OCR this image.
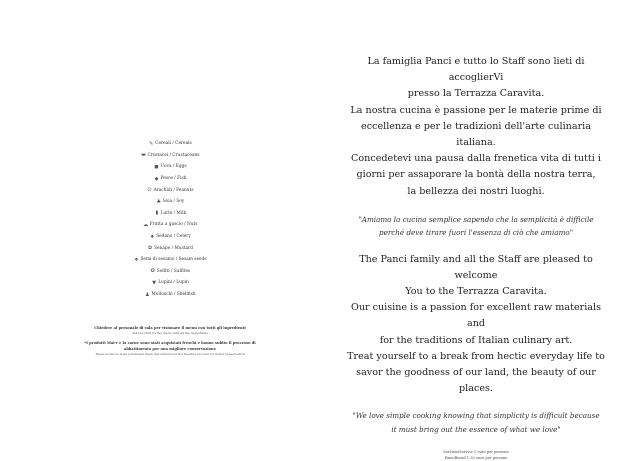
✎ Cereali / Cereals
▬ Crostacei / Crustaceans
● Uova / Eggs
◆ Pesce / Fish
∅ Arachidi / Peanuts
♣ Soia / Soy
▮ Latte / Milk
☁ Frutta a guscio / Nuts
♦ Sedano / Celery
✿ Senape / Mustard
❖ Semi di sesamo / Sesam seeds
✪ Solfiti / Sulfites
▼ Lupini / Lupin
♟ Molluschi / Shellfish
Chiedere al personale di sala per visionare il menu con tutti gli ingredienti
Ask the staff for the menu with all the ingredients
*I prodotti Mai-r e la carne sono stati acquistati freschi e hanno subito il processo di abbattimento per una migliore conservazione
These products were purchased fresh and underwent the freezing process for better preservation
La famiglia Panci e tutto lo Staff sono lieti di accoglierVi
presso la Terrazza Caravita.
La nostra cucina è passione per le materie prime di
eccellenza e per le tradizioni dell'arte culinaria italiana.
Concedetevi una pausa dalla frenetica vita di tutti i
giorni per assaporare la bontà della nostra terra,
la bellezza dei nostri luoghi.
"Amiamo la cucina semplice sapendo che la semplicità è difficile
perché deve tirare fuori l'essenza di ciò che amiamo"
The Panci family and all the Staff are pleased to welcome
You to the Terrazza Caravita.
Our cuisine is a passion for excellent raw materials and
for the traditions of Italian culinary art.
Treat yourself to a break from hectic everyday life to
savor the goodness of our land, the beauty of our places.
"We love simple cooking knowing that simplicity is difficult because
it must bring out the essence of what we love"
Servizio/Service 1 euro per persone
Pane/Bread 1,50 euro per persone
